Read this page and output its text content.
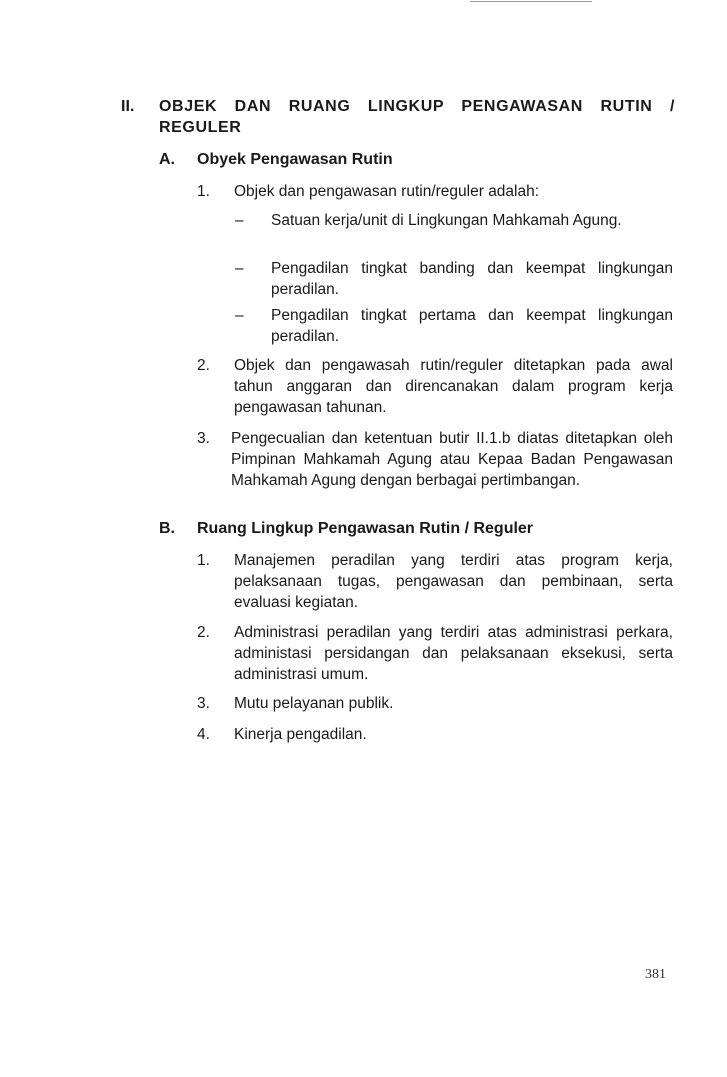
II. OBJEK DAN RUANG LINGKUP PENGAWASAN RUTIN / REGULER
A. Obyek Pengawasan Rutin
1.	Objek dan pengawasan rutin/reguler adalah:
–	Satuan kerja/unit di Lingkungan Mahkamah Agung.
–	Pengadilan tingkat banding dan keempat lingkungan peradilan.
–	Pengadilan tingkat pertama dan keempat lingkungan peradilan.
2.	Objek dan pengawasah rutin/reguler ditetapkan pada awal tahun anggaran dan direncanakan dalam program kerja pengawasan tahunan.
3.	Pengecualian dan ketentuan butir II.1.b diatas ditetapkan oleh Pimpinan Mahkamah Agung atau Kepaa Badan Pengawasan Mahkamah Agung dengan berbagai pertimbangan.
B. Ruang Lingkup Pengawasan Rutin / Reguler
1.	Manajemen peradilan yang terdiri atas program kerja, pelaksanaan tugas, pengawasan dan pembinaan, serta evaluasi kegiatan.
2.	Administrasi peradilan yang terdiri atas administrasi perkara, administasi persidangan dan pelaksanaan eksekusi, serta administrasi umum.
3.	Mutu pelayanan publik.
4.	Kinerja pengadilan.
381
